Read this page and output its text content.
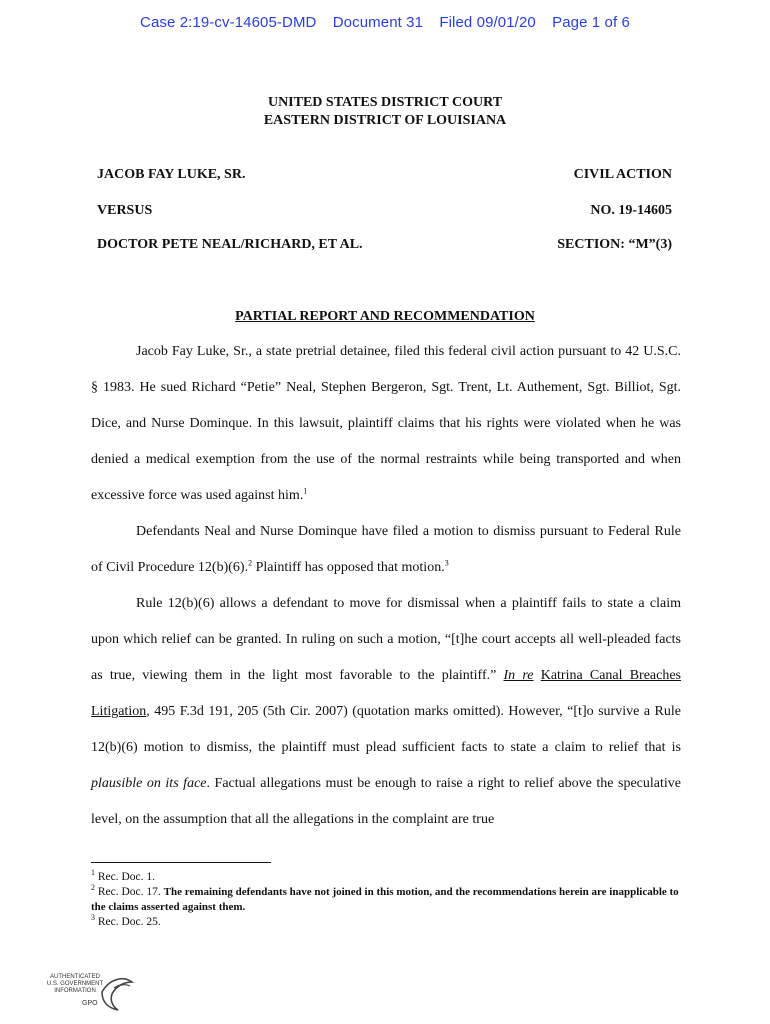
Case 2:19-cv-14605-DMD Document 31 Filed 09/01/20 Page 1 of 6
UNITED STATES DISTRICT COURT
EASTERN DISTRICT OF LOUISIANA
JACOB FAY LUKE, SR.	CIVIL ACTION
VERSUS	NO. 19-14605
DOCTOR PETE NEAL/RICHARD, ET AL.	SECTION: “M”(3)
PARTIAL REPORT AND RECOMMENDATION

Jacob Fay Luke, Sr., a state pretrial detainee, filed this federal civil action pursuant to 42 U.S.C. § 1983. He sued Richard “Petie” Neal, Stephen Bergeron, Sgt. Trent, Lt. Authement, Sgt. Billiot, Sgt. Dice, and Nurse Dominque. In this lawsuit, plaintiff claims that his rights were violated when he was denied a medical exemption from the use of the normal restraints while being transported and when excessive force was used against him.$^1$

Defendants Neal and Nurse Dominque have filed a motion to dismiss pursuant to Federal Rule of Civil Procedure 12(b)(6).$^2$ Plaintiff has opposed that motion.$^3$

Rule 12(b)(6) allows a defendant to move for dismissal when a plaintiff fails to state a claim upon which relief can be granted. In ruling on such a motion, “[t]he court accepts all well-pleaded facts as true, viewing them in the light most favorable to the plaintiff.” In re Katrina Canal Breaches Litigation, 495 F.3d 191, 205 (5th Cir. 2007) (quotation marks omitted). However, “[t]o survive a Rule 12(b)(6) motion to dismiss, the plaintiff must plead sufficient facts to state a claim to relief that is plausible on its face. Factual allegations must be enough to raise a right to relief above the speculative level, on the assumption that all the allegations in the complaint are true

$^1$ Rec. Doc. 1.
$^2$ Rec. Doc. 17. The remaining defendants have not joined in this motion, and the recommendations herein are inapplicable to the claims asserted against them.
$^3$ Rec. Doc. 25.
AUTHENTICATED
U.S. GOVERNMENT
INFORMATION
GPO
